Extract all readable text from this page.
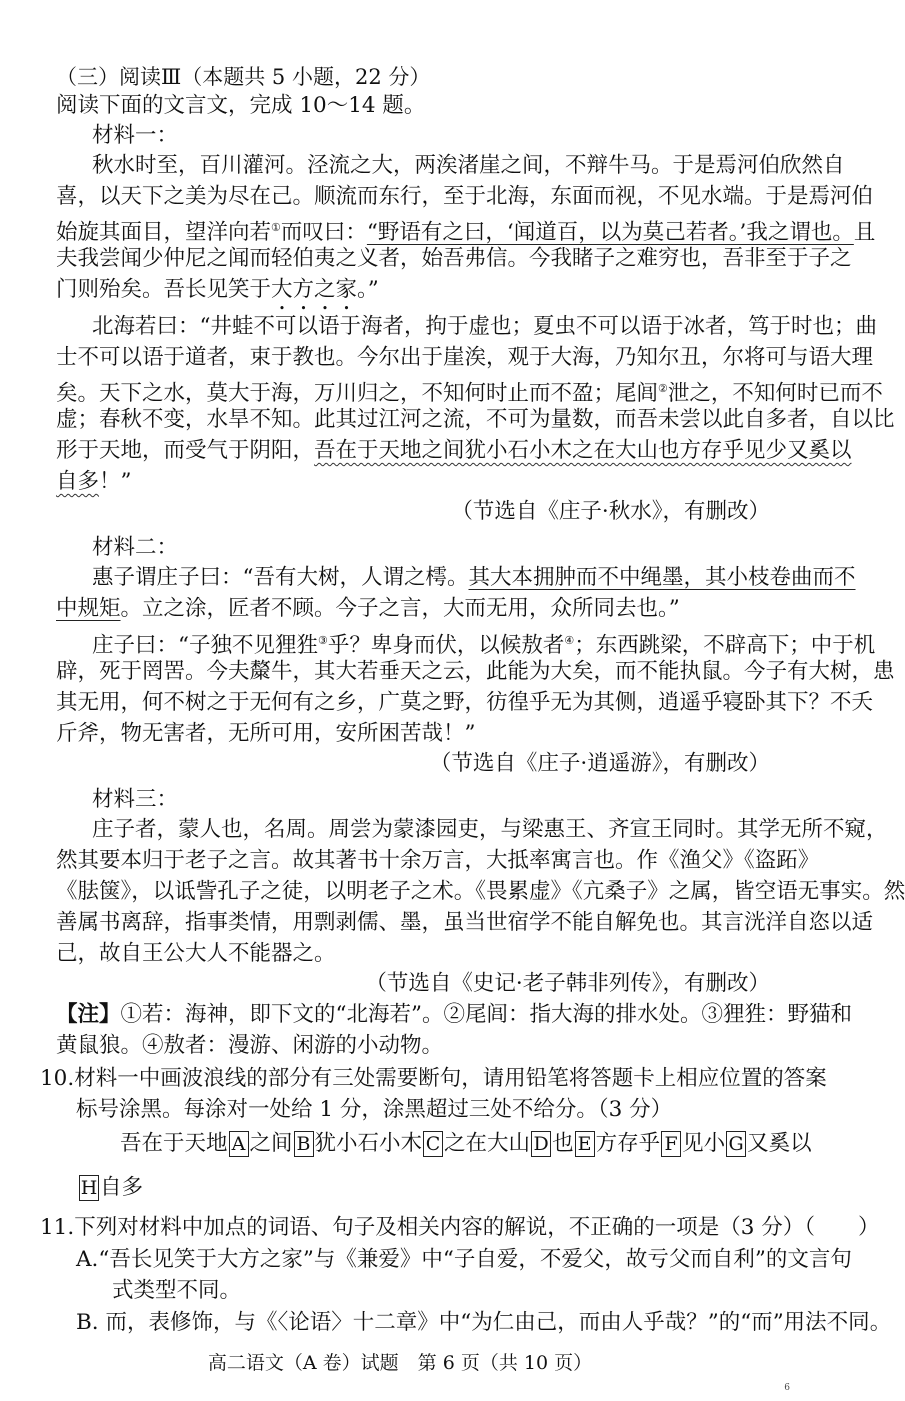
（三）阅读Ⅲ（本题共 5 小题，22 分）

阅读下面的文言文，完成 10～14 题。

材料一：

秋水时至，百川灌河。泾流之大，两涘渚崖之间，不辩牛马。于是焉河伯欣然自

喜，以天下之美为尽在己。顺流而东行，至于北海，东面而视，不见水端。于是焉河伯

始旋其面目，望洋向若①而叹曰：“野语有之曰，‘闻道百，以为莫己若者。’我之谓也。且

夫我尝闻少仲尼之闻而轻伯夷之义者，始吾弗信。今我睹子之难穷也，吾非至于子之

门则殆矣。吾长见笑于大方之家。”

北海若曰：“井蛙不可以语于海者，拘于虚也；夏虫不可以语于冰者，笃于时也；曲

士不可以语于道者，束于教也。今尔出于崖涘，观于大海，乃知尔丑，尔将可与语大理

矣。天下之水，莫大于海，万川归之，不知何时止而不盈；尾闾②泄之，不知何时已而不

虚；春秋不变，水旱不知。此其过江河之流，不可为量数，而吾未尝以此自多者，自以比

形于天地，而受气于阴阳，吾在于天地之间犹小石小木之在大山也方存乎见少又奚以

自多！”

（节选自《庄子·秋水》，有删改）

材料二：

惠子谓庄子曰：“吾有大树，人谓之樗。其大本拥肿而不中绳墨，其小枝卷曲而不

中规矩。立之涂，匠者不顾。今子之言，大而无用，众所同去也。”

庄子曰：“子独不见狸狌③乎？卑身而伏，以候敖者④；东西跳梁，不辟高下；中于机

辟，死于罔罟。今夫斄牛，其大若垂天之云，此能为大矣，而不能执鼠。今子有大树，患

其无用，何不树之于无何有之乡，广莫之野，彷徨乎无为其侧，逍遥乎寝卧其下？不夭

斤斧，物无害者，无所可用，安所困苦哉！”

（节选自《庄子·逍遥游》，有删改）

材料三：

庄子者，蒙人也，名周。周尝为蒙漆园吏，与梁惠王、齐宣王同时。其学无所不窥，

然其要本归于老子之言。故其著书十余万言，大抵率寓言也。作《渔父》《盗跖》

《胠箧》，以诋訾孔子之徒，以明老子之术。《畏累虚》《亢桑子》之属，皆空语无事实。然

善属书离辞，指事类情，用剽剥儒、墨，虽当世宿学不能自解免也。其言洸洋自恣以适

己，故自王公大人不能器之。

（节选自《史记·老子韩非列传》，有删改）

【注】①若：海神，即下文的“北海若”。②尾闾：指大海的排水处。③狸狌：野猫和

黄鼠狼。④敖者：漫游、闲游的小动物。

10.材料一中画波浪线的部分有三处需要断句，请用铅笔将答题卡上相应位置的答案

标号涂黑。每涂对一处给 1 分，涂黑超过三处不给分。（3 分）

吾在于天地 A 之间 B 犹小石小木 C 之在大山 D 也 E 方存乎 F 见小 G 又奚以

H 自多

11.下列对材料中加点的词语、句子及相关内容的解说，不正确的一项是（3 分）（　　）

A.“吾长见笑于大方之家”与《兼爱》中“子自爱，不爱父，故亏父而自利”的文言句

式类型不同。

B. 而，表修饰，与《〈论语〉十二章》中“为仁由己，而由人乎哉？”的“而”用法不同。

高二语文（A 卷）试题　第 6 页（共 10 页）
6
